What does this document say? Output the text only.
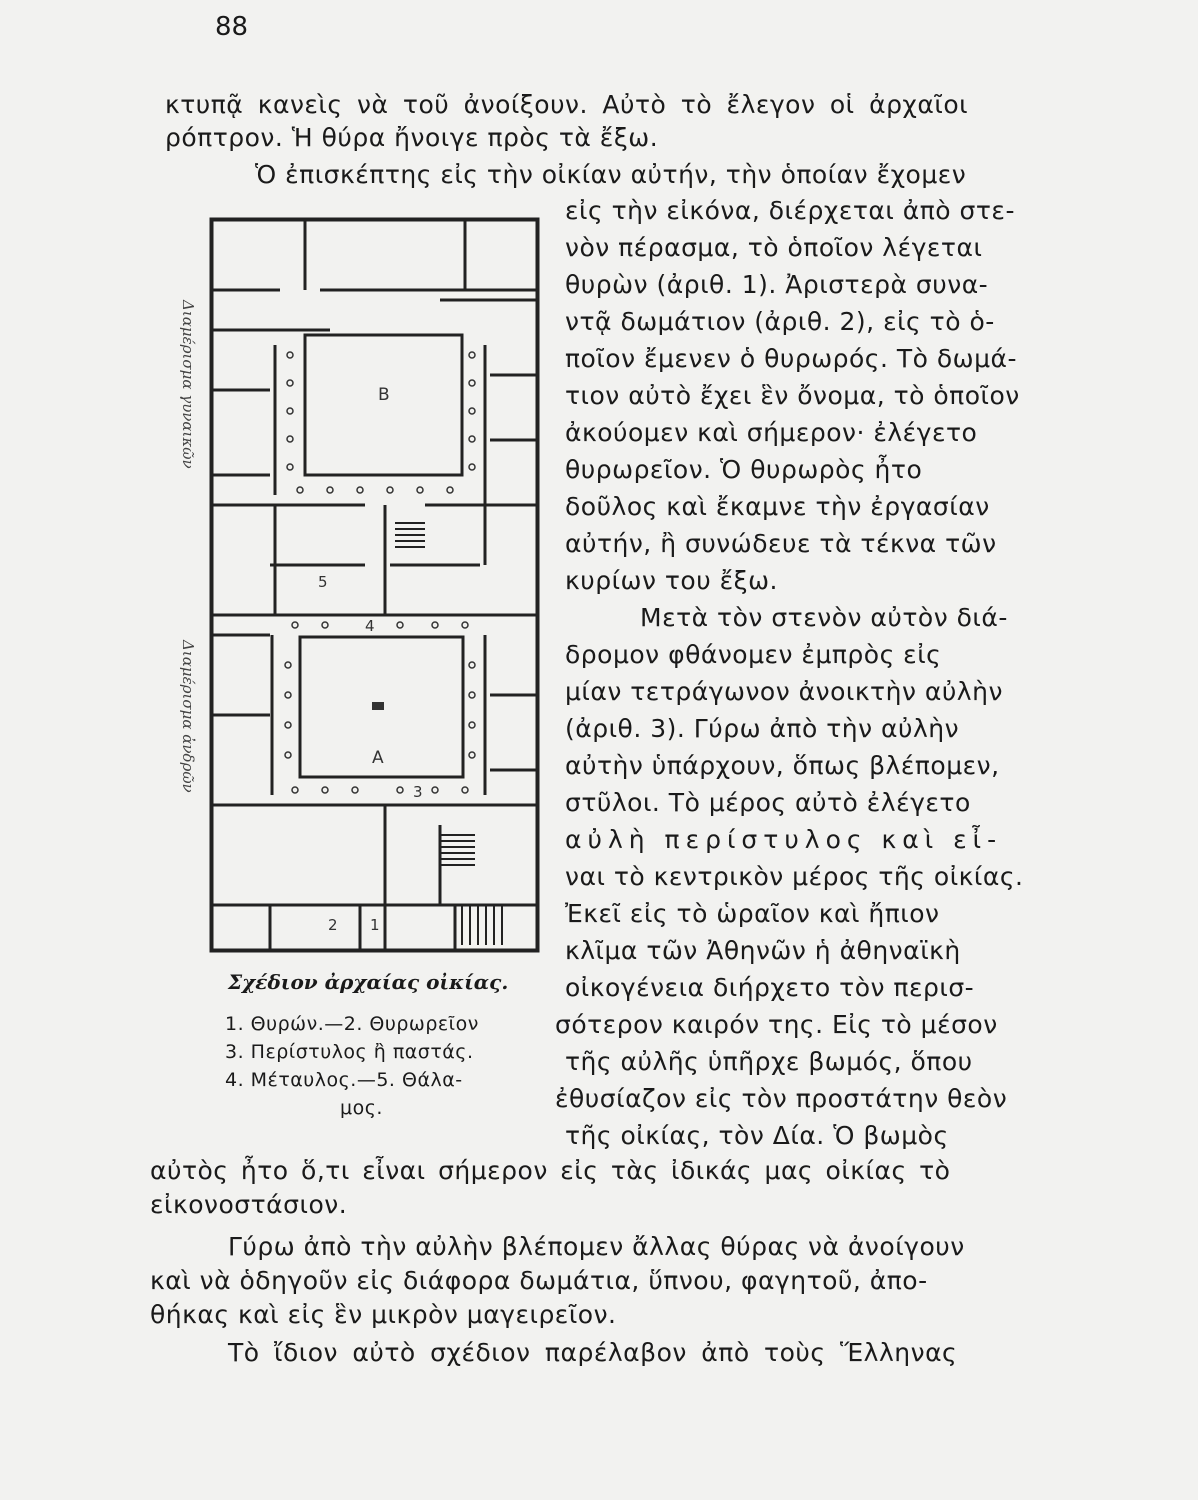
88
κτυπᾷ κανεὶς νὰ τοῦ ἀνοίξουν. Αὐτὸ τὸ ἔλεγον οἱ ἀρχαῖοι
ρόπτρον. Ἡ θύρα ἤνοιγε πρὸς τὰ ἔξω.
Ὁ ἐπισκέπτης εἰς τὴν οἰκίαν αὐτήν, τὴν ὁποίαν ἔχομεν
εἰς τὴν εἰκόνα, διέρχεται ἀπὸ στε-
νὸν πέρασμα, τὸ ὁποῖον λέγεται
θυρὼν (ἀριθ. 1). Ἀριστερὰ συνα-
ντᾷ δωμάτιον (ἀριθ. 2), εἰς τὸ ὁ-
ποῖον ἔμενεν ὁ θυρωρός. Τὸ δωμά-
τιον αὐτὸ ἔχει ἓν ὄνομα, τὸ ὁποῖον
ἀκούομεν καὶ σήμερον· ἐλέγετο
θυρωρεῖον. Ὁ θυρωρὸς ἦτο
δοῦλος καὶ ἔκαμνε τὴν ἐργασίαν
αὐτήν, ἢ συνώδευε τὰ τέκνα τῶν
κυρίων του ἔξω.
Μετὰ τὸν στενὸν αὐτὸν διά-
δρομον φθάνομεν ἐμπρὸς εἰς
μίαν τετράγωνον ἀνοικτὴν αὐλὴν
(ἀριθ. 3). Γύρω ἀπὸ τὴν αὐλὴν
αὐτὴν ὑπάρχουν, ὅπως βλέπομεν,
στῦλοι. Τὸ μέρος αὐτὸ ἐλέγετο
αὐλὴ περίστυλος καὶ εἶ-
ναι τὸ κεντρικὸν μέρος τῆς οἰκίας.
Ἐκεῖ εἰς τὸ ὡραῖον καὶ ἤπιον
κλῖμα τῶν Ἀθηνῶν ἡ ἀθηναϊκὴ
οἰκογένεια διήρχετο τὸν περισ-
σότερον καιρόν της. Εἰς τὸ μέσον
τῆς αὐλῆς ὑπῆρχε βωμός, ὅπου
ἐθυσίαζον εἰς τὸν προστάτην θεὸν
τῆς οἰκίας, τὸν Δία. Ὁ βωμὸς
αὐτὸς ἦτο ὅ,τι εἶναι σήμερον εἰς τὰς ἰδικάς μας οἰκίας τὸ
εἰκονοστάσιον.
Γύρω ἀπὸ τὴν αὐλὴν βλέπομεν ἄλλας θύρας νὰ ἀνοίγουν
καὶ νὰ ὁδηγοῦν εἰς διάφορα δωμάτια, ὕπνου, φαγητοῦ, ἀπο-
θήκας καὶ εἰς ἓν μικρὸν μαγειρεῖον.
Τὸ ἴδιον αὐτὸ σχέδιον παρέλαβον ἀπὸ τοὺς Ἕλληνας
Β
Α
5
4
3
2 1
Διαμέρισμα γυναικῶν
Διαμέρισμα ἀνδρῶν
Σχέδιον ἀρχαίας οἰκίας.
1. Θυρών.—2. Θυρωρεῖον
3. Περίστυλος ἢ παστάς.
4. Μέταυλος.—5. Θάλα-
μος.
